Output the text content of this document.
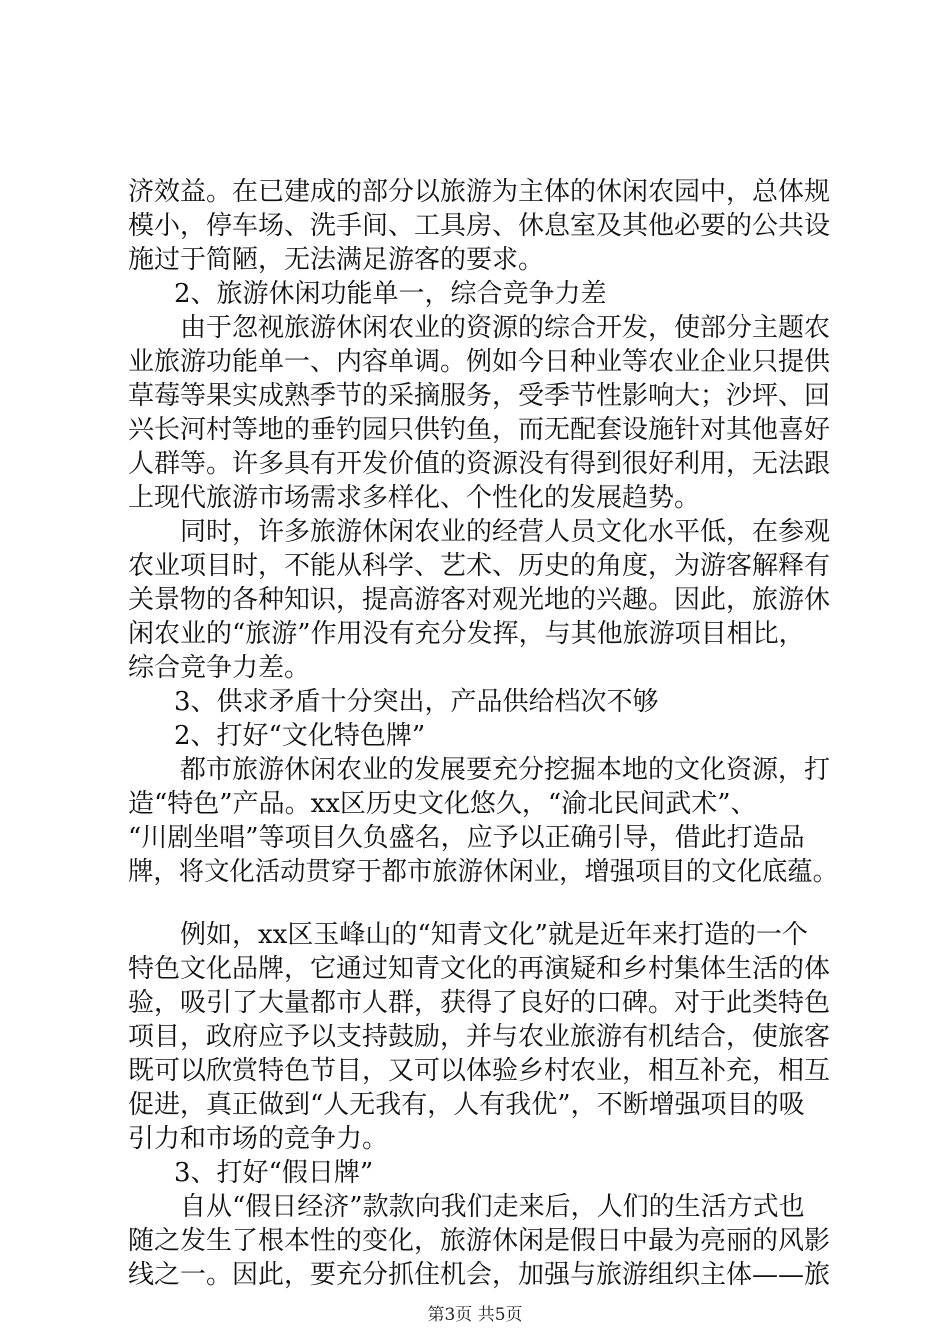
济效益。在已建成的部分以旅游为主体的休闲农园中，总体规
模小，停车场、洗手间、工具房、休息室及其他必要的公共设
施过于简陋，无法满足游客的要求。
2、旅游休闲功能单一，综合竞争力差
由于忽视旅游休闲农业的资源的综合开发，使部分主题农
业旅游功能单一、内容单调。例如今日种业等农业企业只提供
草莓等果实成熟季节的采摘服务，受季节性影响大；沙坪、回
兴长河村等地的垂钓园只供钓鱼，而无配套设施针对其他喜好
人群等。许多具有开发价值的资源没有得到很好利用，无法跟
上现代旅游市场需求多样化、个性化的发展趋势。
同时，许多旅游休闲农业的经营人员文化水平低，在参观
农业项目时，不能从科学、艺术、历史的角度，为游客解释有
关景物的各种知识，提高游客对观光地的兴趣。因此，旅游休
闲农业的“旅游”作用没有充分发挥，与其他旅游项目相比，
综合竞争力差。
3、供求矛盾十分突出，产品供给档次不够
2、打好“文化特色牌”
都市旅游休闲农业的发展要充分挖掘本地的文化资源，打
造“特色”产品。xx区历史文化悠久，“渝北民间武术”、
“川剧坐唱”等项目久负盛名，应予以正确引导，借此打造品
牌，将文化活动贯穿于都市旅游休闲业，增强项目的文化底蕴。
例如，xx区玉峰山的“知青文化”就是近年来打造的一个
特色文化品牌，它通过知青文化的再演疑和乡村集体生活的体
验，吸引了大量都市人群，获得了良好的口碑。对于此类特色
项目，政府应予以支持鼓励，并与农业旅游有机结合，使旅客
既可以欣赏特色节目，又可以体验乡村农业，相互补充，相互
促进，真正做到“人无我有，人有我优”，不断增强项目的吸
引力和市场的竞争力。
3、打好“假日牌”
自从“假日经济”款款向我们走来后，人们的生活方式也
随之发生了根本性的变化，旅游休闲是假日中最为亮丽的风影
线之一。因此，要充分抓住机会，加强与旅游组织主体——旅
第3页 共5页
